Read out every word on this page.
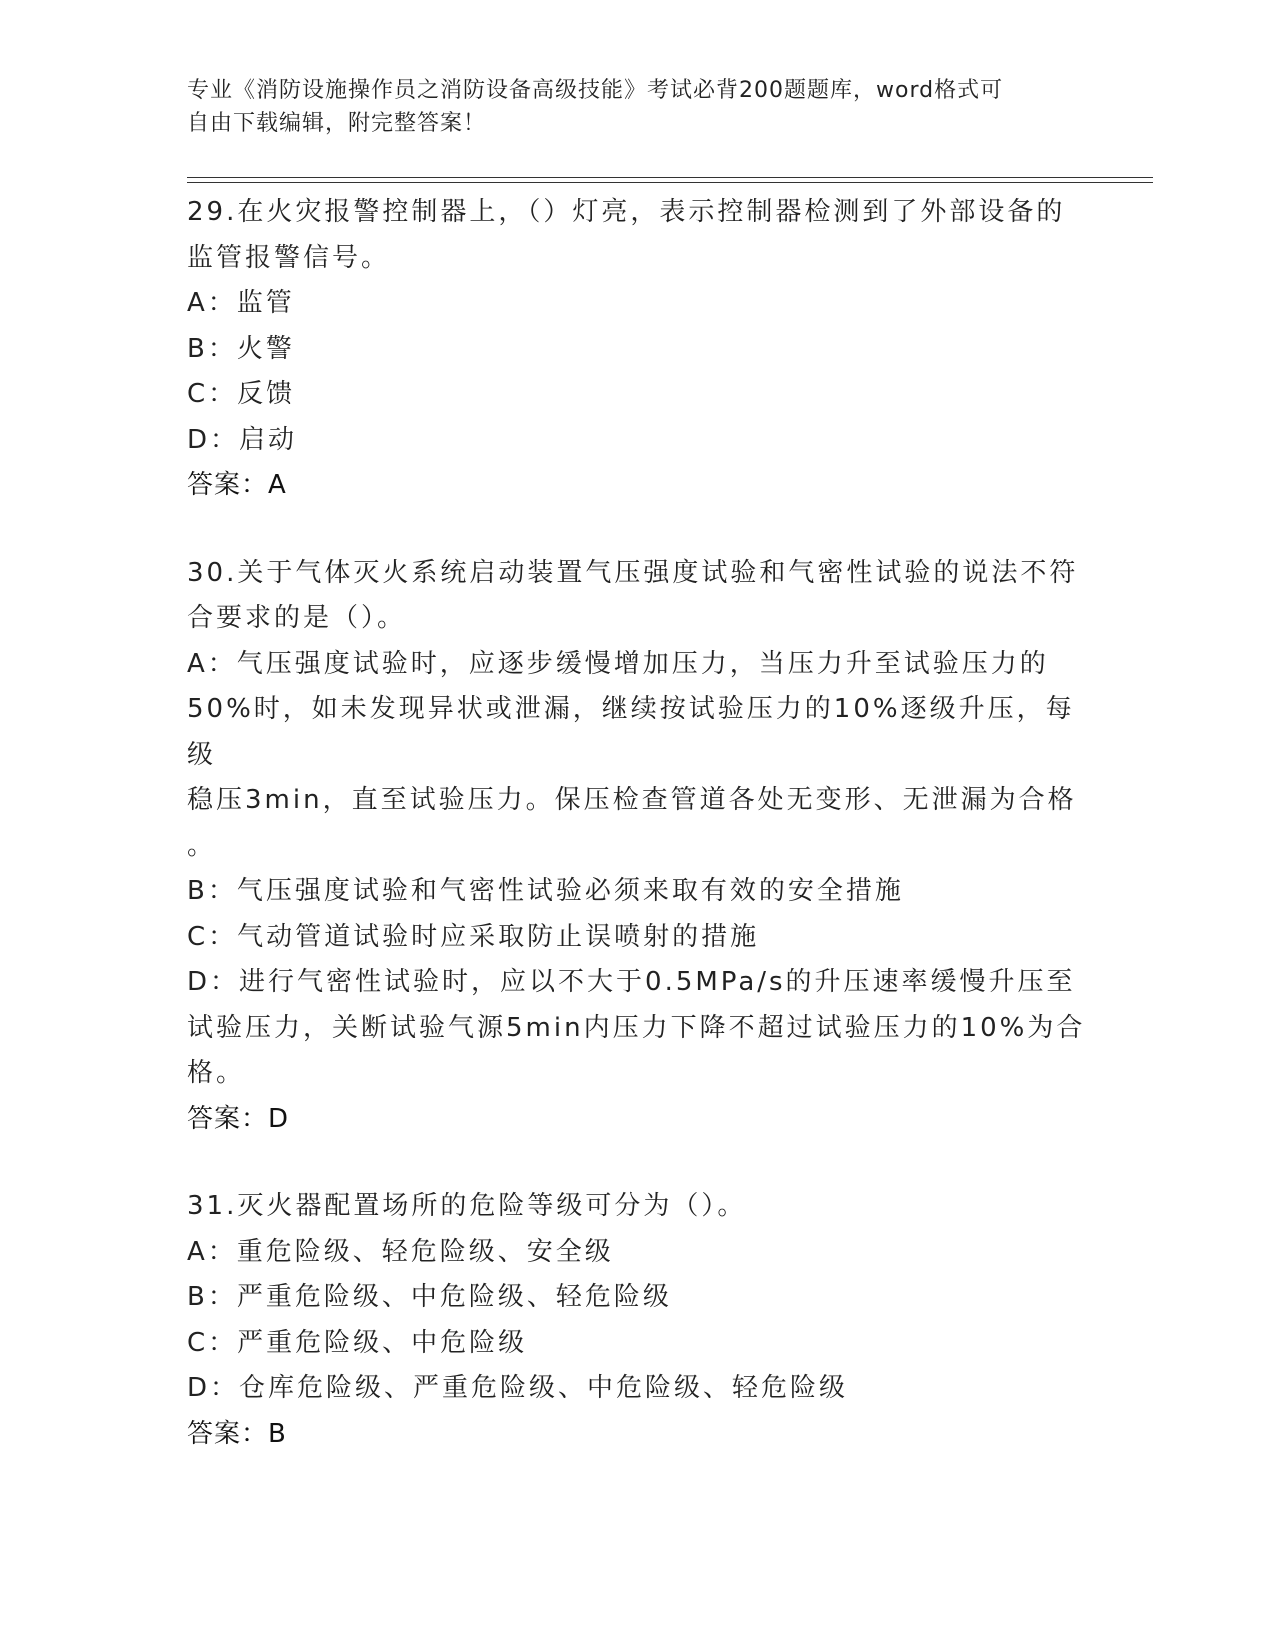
专业《消防设施操作员之消防设备高级技能》考试必背200题题库，word格式可
自由下载编辑，附完整答案！

29.在火灾报警控制器上，（）灯亮，表示控制器检测到了外部设备的

监管报警信号。

A：监管

B：火警

C：反馈

D：启动

答案：A

30.关于气体灭火系统启动装置气压强度试验和气密性试验的说法不符

合要求的是（）。

A：气压强度试验时，应逐步缓慢增加压力，当压力升至试验压力的

50%时，如未发现异状或泄漏，继续按试验压力的10%逐级升压，每级

稳压3min，直至试验压力。保压检查管道各处无变形、无泄漏为合格

。

B：气压强度试验和气密性试验必须来取有效的安全措施

C：气动管道试验时应采取防止误喷射的措施

D：进行气密性试验时，应以不大于0.5MPa/s的升压速率缓慢升压至

试验压力，关断试验气源5min内压力下降不超过试验压力的10%为合

格。

答案：D

31.灭火器配置场所的危险等级可分为（）。

A：重危险级、轻危险级、安全级

B：严重危险级、中危险级、轻危险级

C：严重危险级、中危险级

D：仓库危险级、严重危险级、中危险级、轻危险级

答案：B
